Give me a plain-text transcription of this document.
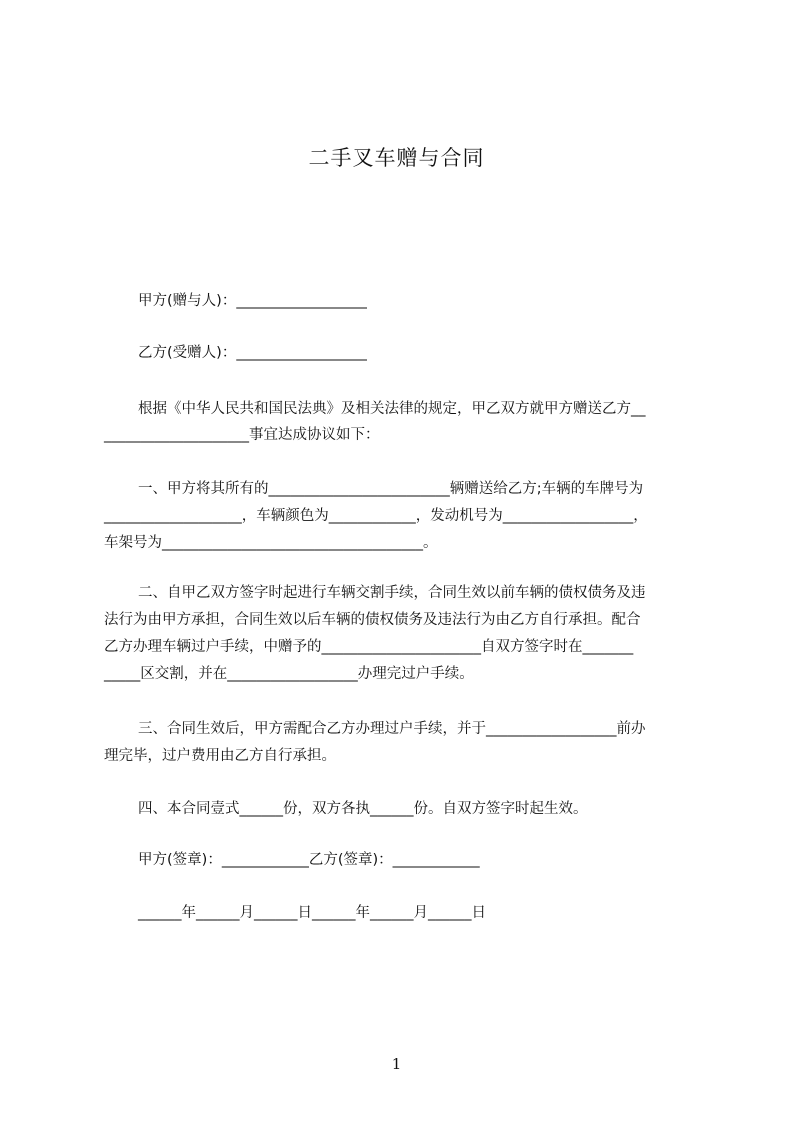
二手叉车赠与合同
甲方(赠与人)：__________________
乙方(受赠人)：__________________
根据《中华人民共和国民法典》及相关法律的规定，甲乙双方就甲方赠送乙方__
____________________事宜达成协议如下：
一、甲方将其所有的_________________________辆赠送给乙方;车辆的车牌号为
___________________，车辆颜色为____________，发动机号为__________________，
车架号为____________________________________。
二、自甲乙双方签字时起进行车辆交割手续，合同生效以前车辆的债权债务及违
法行为由甲方承担，合同生效以后车辆的债权债务及违法行为由乙方自行承担。配合
乙方办理车辆过户手续，中赠予的______________________自双方签字时在_______
_____区交割，并在__________________办理完过户手续。
三、合同生效后，甲方需配合乙方办理过户手续，并于__________________前办
理完毕，过户费用由乙方自行承担。
四、本合同壹式______份，双方各执______份。自双方签字时起生效。
甲方(签章)：____________乙方(签章)：____________
______年______月______日______年______月______日
1
